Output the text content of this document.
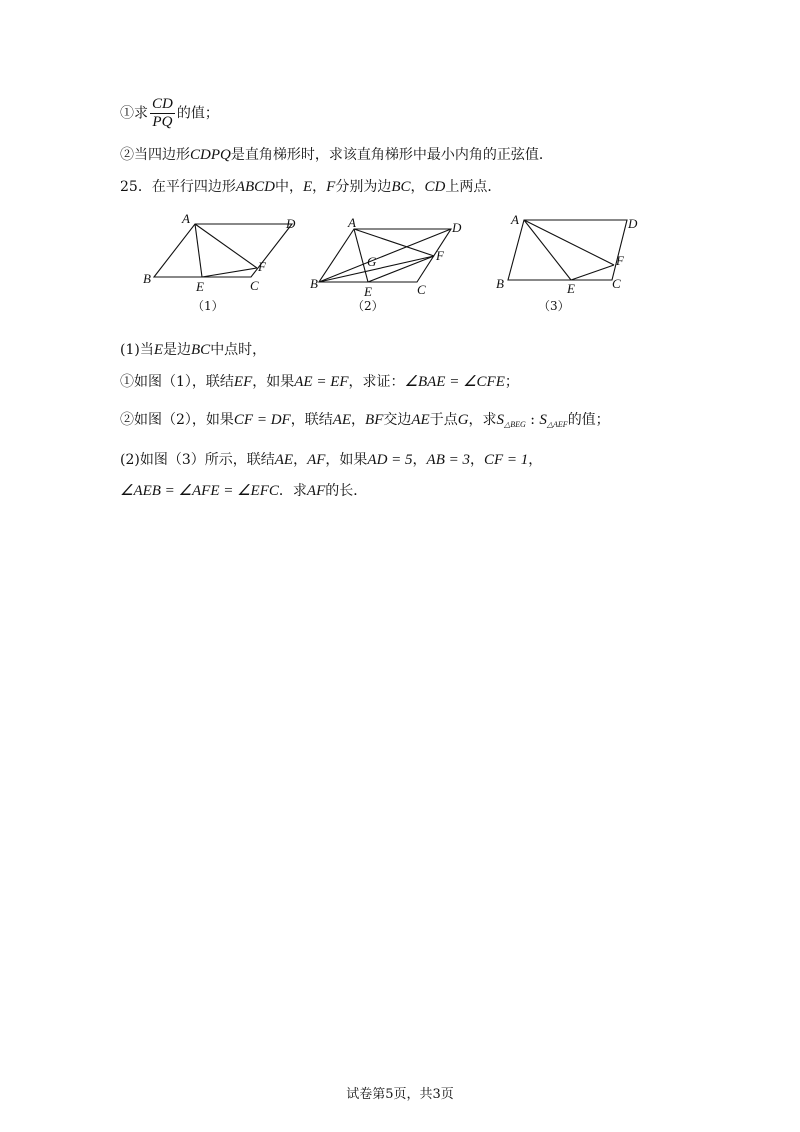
①求 $\frac{CD}{PQ}$ 的值；
②当四边形CDPQ是直角梯形时，求该直角梯形中最小内角的正弦值．
25．在平行四边形ABCD中，E，F分别为边BC，CD上两点．
A
B	C
D
E
F
（1）
A
B	C
D
E
F
G
（2）
A
B	C
D
E
F
（3）
(1)当E是边BC中点时，
①如图（1），联结EF，如果AE = EF，求证：∠BAE = ∠CFE；
②如图（2），如果CF = DF，联结AE，BF交边AE于点G，求$S_{\triangle BEG}$ : $S_{\triangle AEF}$的值；
(2)如图（3）所示，联结AE，AF，如果AD = 5，AB = 3，CF = 1，
∠AEB = ∠AFE = ∠EFC．求AF的长．
试卷第5页，共3页
